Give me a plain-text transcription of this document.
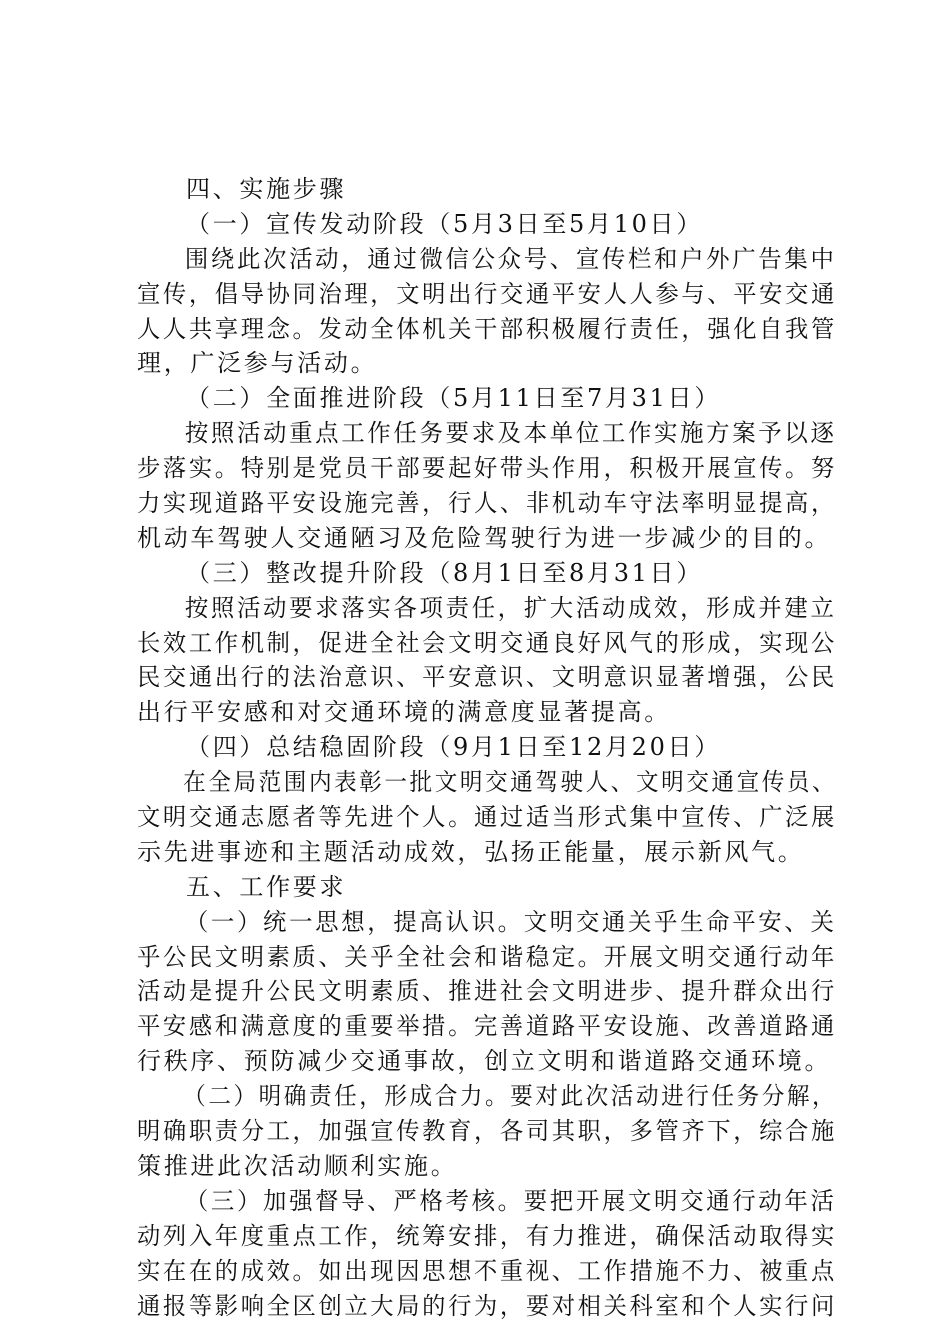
四、实施步骤
（一）宣传发动阶段（5月3日至5月10日）
围绕此次活动，通过微信公众号、宣传栏和户外广告集中
宣传，倡导协同治理，文明出行交通平安人人参与、平安交通
人人共享理念。发动全体机关干部积极履行责任，强化自我管
理，广泛参与活动。
（二）全面推进阶段（5月11日至7月31日）
按照活动重点工作任务要求及本单位工作实施方案予以逐
步落实。特别是党员干部要起好带头作用，积极开展宣传。努
力实现道路平安设施完善，行人、非机动车守法率明显提高，
机动车驾驶人交通陋习及危险驾驶行为进一步减少的目的。
（三）整改提升阶段（8月1日至8月31日）
按照活动要求落实各项责任，扩大活动成效，形成并建立
长效工作机制，促进全社会文明交通良好风气的形成，实现公
民交通出行的法治意识、平安意识、文明意识显著增强，公民
出行平安感和对交通环境的满意度显著提高。
（四）总结稳固阶段（9月1日至12月20日）
在全局范围内表彰一批文明交通驾驶人、文明交通宣传员、
文明交通志愿者等先进个人。通过适当形式集中宣传、广泛展
示先进事迹和主题活动成效，弘扬正能量，展示新风气。
五、工作要求
（一）统一思想，提高认识。文明交通关乎生命平安、关
乎公民文明素质、关乎全社会和谐稳定。开展文明交通行动年
活动是提升公民文明素质、推进社会文明进步、提升群众出行
平安感和满意度的重要举措。完善道路平安设施、改善道路通
行秩序、预防减少交通事故，创立文明和谐道路交通环境。
（二）明确责任，形成合力。要对此次活动进行任务分解，
明确职责分工，加强宣传教育，各司其职，多管齐下，综合施
策推进此次活动顺利实施。
（三）加强督导、严格考核。要把开展文明交通行动年活
动列入年度重点工作，统筹安排，有力推进，确保活动取得实
实在在的成效。如出现因思想不重视、工作措施不力、被重点
通报等影响全区创立大局的行为，要对相关科室和个人实行问
